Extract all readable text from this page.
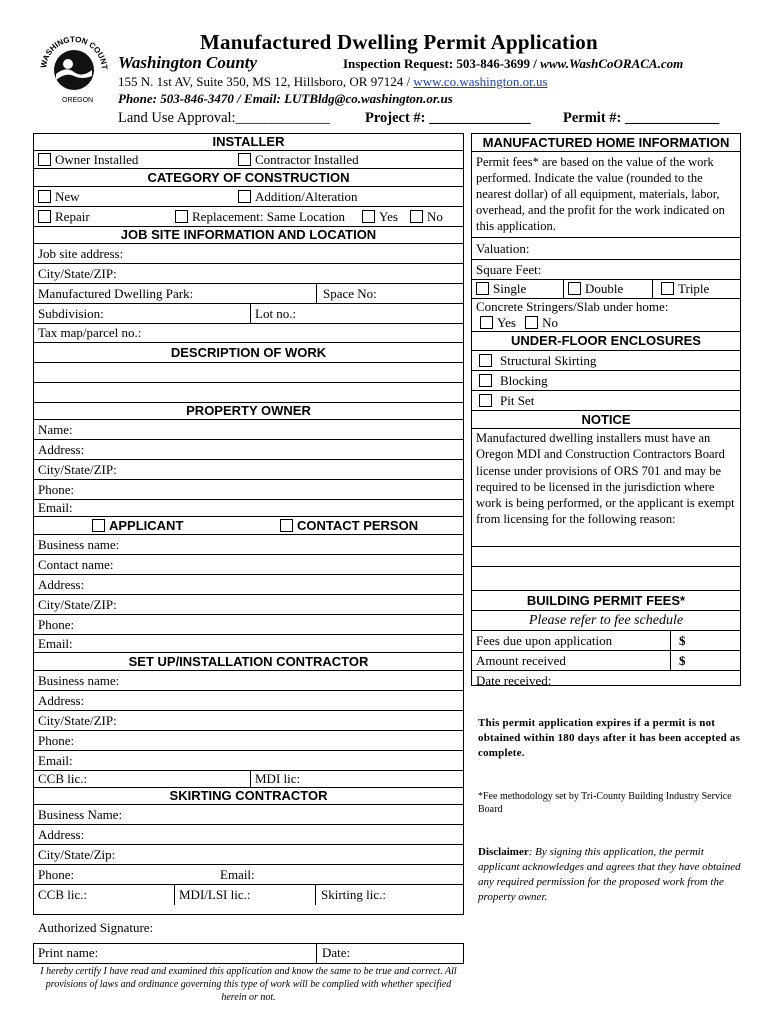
WASHINGTON COUNT
OREGON
Manufactured Dwelling Permit Application
Washington County	Inspection Request: 503-846-3699 / www.WashCoORACA.com
155 N. 1st AV, Suite 350, MS 12, Hillsboro, OR 97124 / www.co.washington.or.us
Phone: 503-846-3470 / Email: LUTBldg@co.washington.or.us
Land Use Approval:_____________ Project #: ______________ Permit #: _____________
INSTALLER
Owner Installed	Contractor Installed
CATEGORY OF CONSTRUCTION
New	Addition/Alteration
Repair	Replacement: Same Location	Yes	No
JOB SITE INFORMATION AND LOCATION
Job site address:
City/State/ZIP:
Manufactured Dwelling Park:	Space No:
Subdivision:	Lot no.:
Tax map/parcel no.:
DESCRIPTION OF WORK
PROPERTY OWNER
Name:
Address:
City/State/ZIP:
Phone:
Email:
APPLICANT	CONTACT PERSON
Business name:
Contact name:
Address:
City/State/ZIP:
Phone:
Email:
SET UP/INSTALLATION CONTRACTOR
Business name:
Address:
City/State/ZIP:
Phone:
Email:
CCB lic.:	MDI lic:
SKIRTING CONTRACTOR
Business Name:
Address:
City/State/Zip:
Phone:	Email:
CCB lic.:	MDI/LSI lic.:	Skirting lic.:
Authorized Signature:
Print name:	Date:
I hereby certify I have read and examined this application and know the same to be true and correct. All provisions of laws and ordinance governing this type of work will be complied with whether specified herein or not.
MANUFACTURED HOME INFORMATION
Permit fees* are based on the value of the work performed. Indicate the value (rounded to the nearest dollar) of all equipment, materials, labor, overhead, and the profit for the work indicated on this application.
Valuation:
Square Feet:
Single	Double	Triple
Concrete Stringers/Slab under home:
Yes No
UNDER-FLOOR ENCLOSURES
Structural Skirting
Blocking
Pit Set
NOTICE
Manufactured dwelling installers must have an Oregon MDI and Construction Contractors Board license under provisions of ORS 701 and may be required to be licensed in the jurisdiction where work is being performed, or the applicant is exempt from licensing for the following reason:
BUILDING PERMIT FEES*
Please refer to fee schedule
Fees due upon application	$
Amount received	$
Date received:
This permit application expires if a permit is not obtained within 180 days after it has been accepted as complete.
*Fee methodology set by Tri-County Building Industry Service Board
Disclaimer: By signing this application, the permit applicant acknowledges and agrees that they have obtained any required permission for the proposed work from the property owner.
